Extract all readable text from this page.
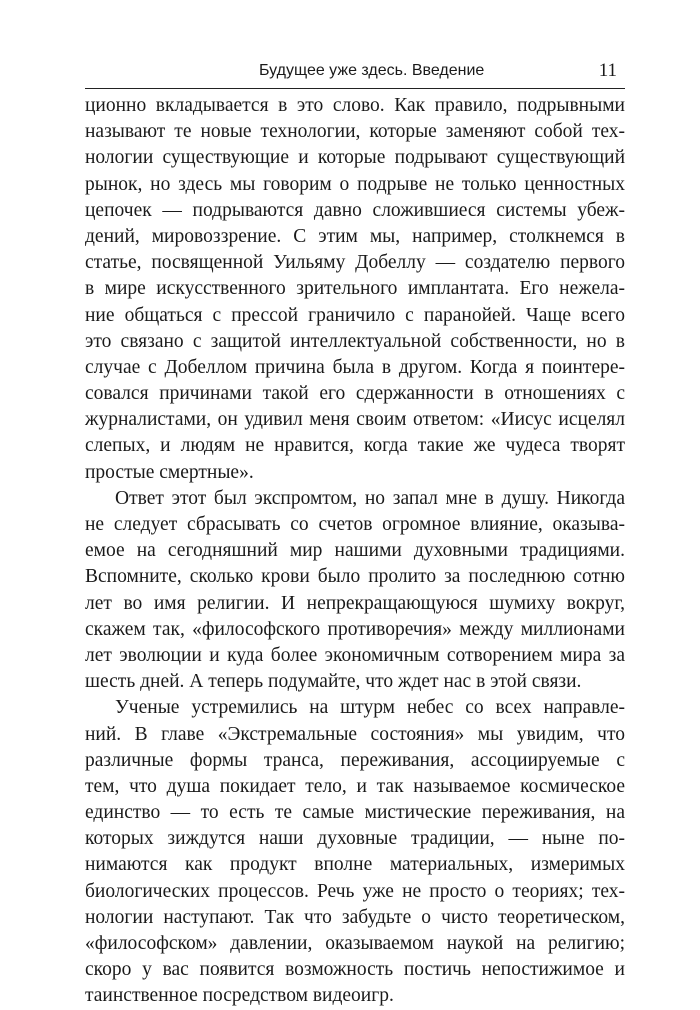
Будущее уже здесь. Введение	11
ционно вкладывается в это слово. Как правило, подрывными
называют те новые технологии, которые заменяют собой тех-
нологии существующие и которые подрывают существующий
рынок, но здесь мы говорим о подрыве не только ценностных
цепочек — подрываются давно сложившиеся системы убеж-
дений, мировоззрение. С этим мы, например, столкнемся в
статье, посвященной Уильяму Добеллу — создателю первого
в мире искусственного зрительного имплантата. Его нежела-
ние общаться с прессой граничило с паранойей. Чаще всего
это связано с защитой интеллектуальной собственности, но в
случае с Добеллом причина была в другом. Когда я поинтере-
совался причинами такой его сдержанности в отношениях с
журналистами, он удивил меня своим ответом: «Иисус исцелял
слепых, и людям не нравится, когда такие же чудеса творят
простые смертные».
Ответ этот был экспромтом, но запал мне в душу. Никогда
не следует сбрасывать со счетов огромное влияние, оказыва-
емое на сегодняшний мир нашими духовными традициями.
Вспомните, сколько крови было пролито за последнюю сотню
лет во имя религии. И непрекращающуюся шумиху вокруг,
скажем так, «философского противоречия» между миллионами
лет эволюции и куда более экономичным сотворением мира за
шесть дней. А теперь подумайте, что ждет нас в этой связи.
Ученые устремились на штурм небес со всех направле-
ний. В главе «Экстремальные состояния» мы увидим, что
различные формы транса, переживания, ассоциируемые с
тем, что душа покидает тело, и так называемое космическое
единство — то есть те самые мистические переживания, на
которых зиждутся наши духовные традиции, — ныне по-
нимаются как продукт вполне материальных, измеримых
биологических процессов. Речь уже не просто о теориях; тех-
нологии наступают. Так что забудьте о чисто теоретическом,
«философском» давлении, оказываемом наукой на религию;
скоро у вас появится возможность постичь непостижимое и
таинственное посредством видеоигр.
